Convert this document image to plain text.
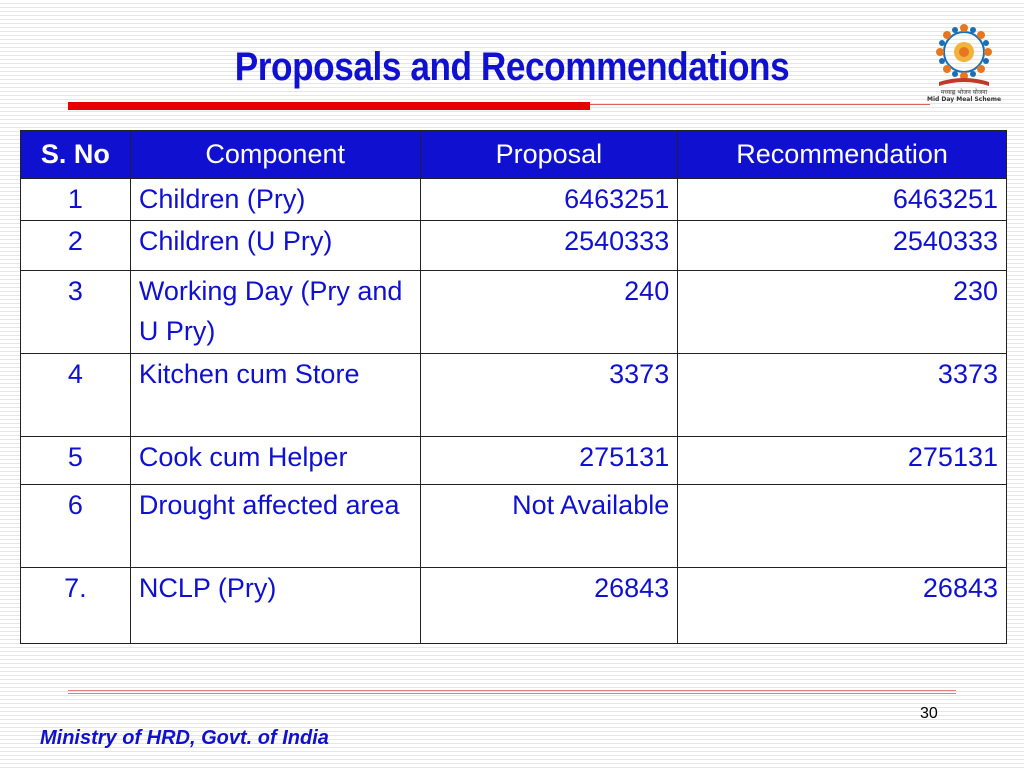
Proposals and Recommendations
मध्याह्न भोजन योजना
Mid Day Meal Scheme
S. No	Component	Proposal	Recommendation
1	Children (Pry)	6463251	6463251
2	Children (U Pry)	2540333	2540333
3	Working Day (Pry and U Pry)	240	230
4	Kitchen cum Store	3373	3373
5	Cook cum Helper	275131	275131
6	Drought affected area	Not Available	
7.	NCLP (Pry)	26843	26843
30
Ministry of HRD, Govt. of India
